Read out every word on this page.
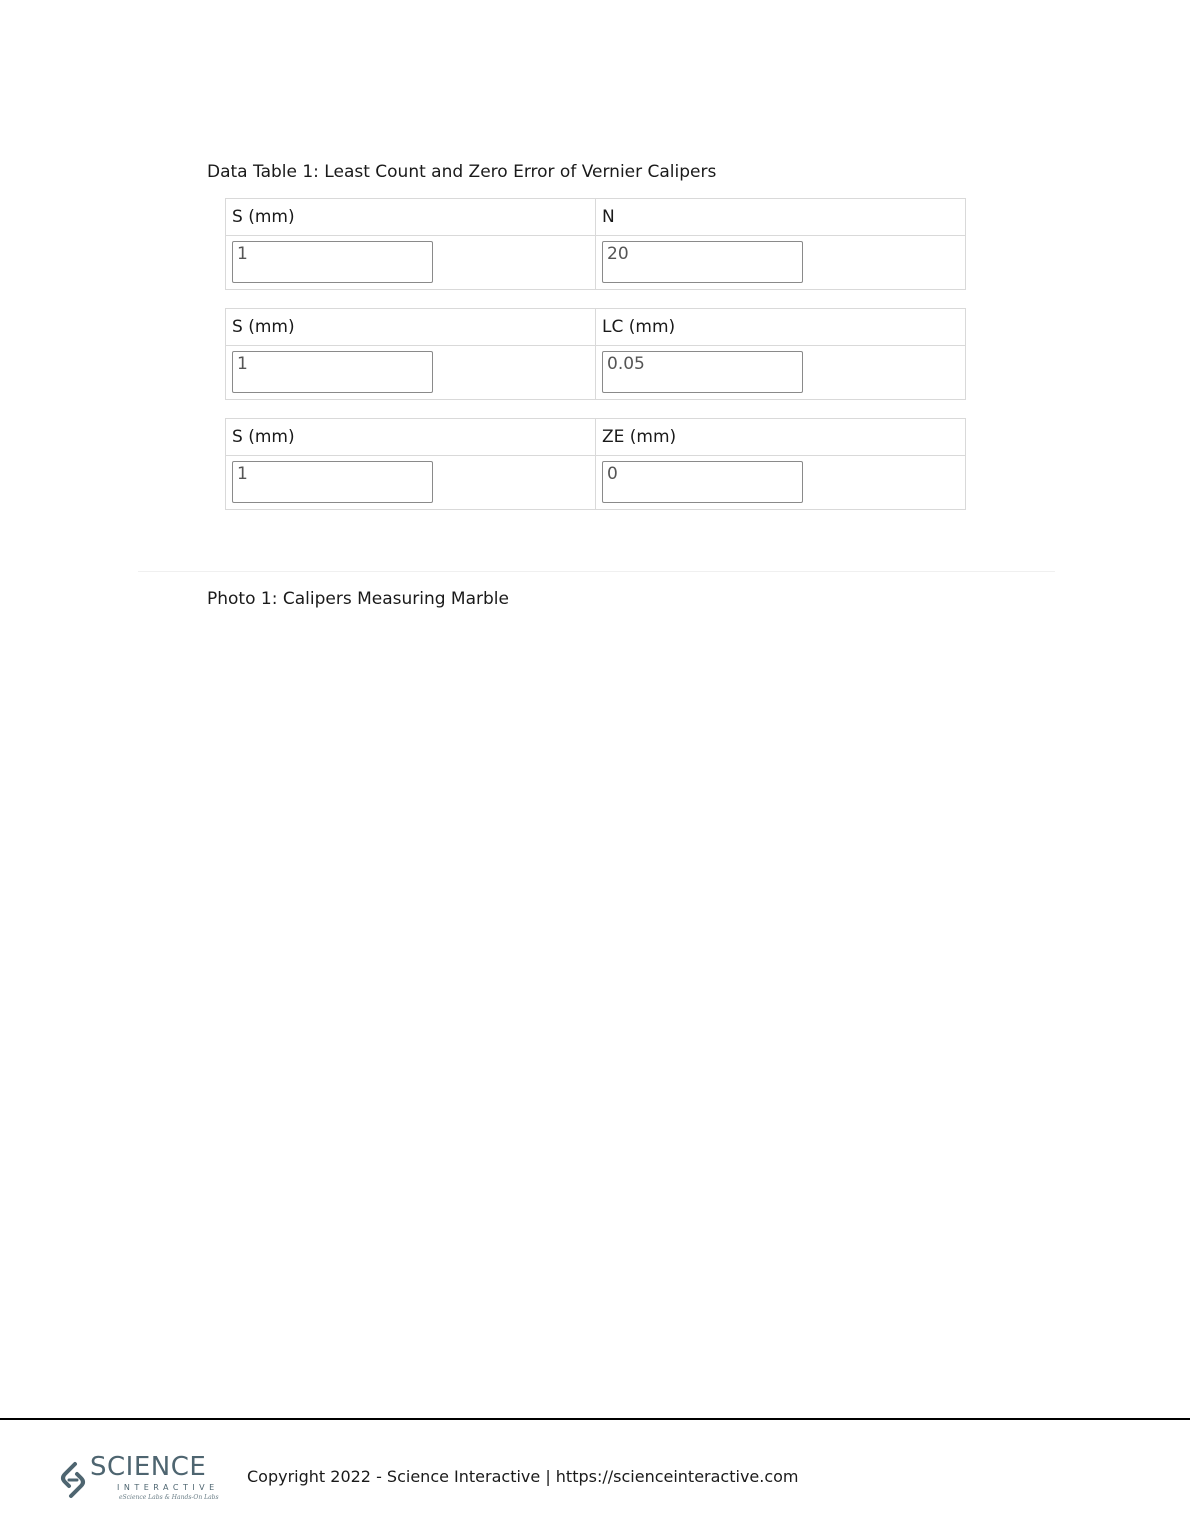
Data Table 1: Least Count and Zero Error of Vernier Calipers
S (mm)	N

1	20
S (mm)	LC (mm)

1	0.05
S (mm)	ZE (mm)

1	0

Photo 1: Calipers Measuring Marble

SCIENCE
INTERACTIVE
eScience Labs & Hands-On Labs
Copyright 2022 - Science Interactive | https://scienceinteractive.com
